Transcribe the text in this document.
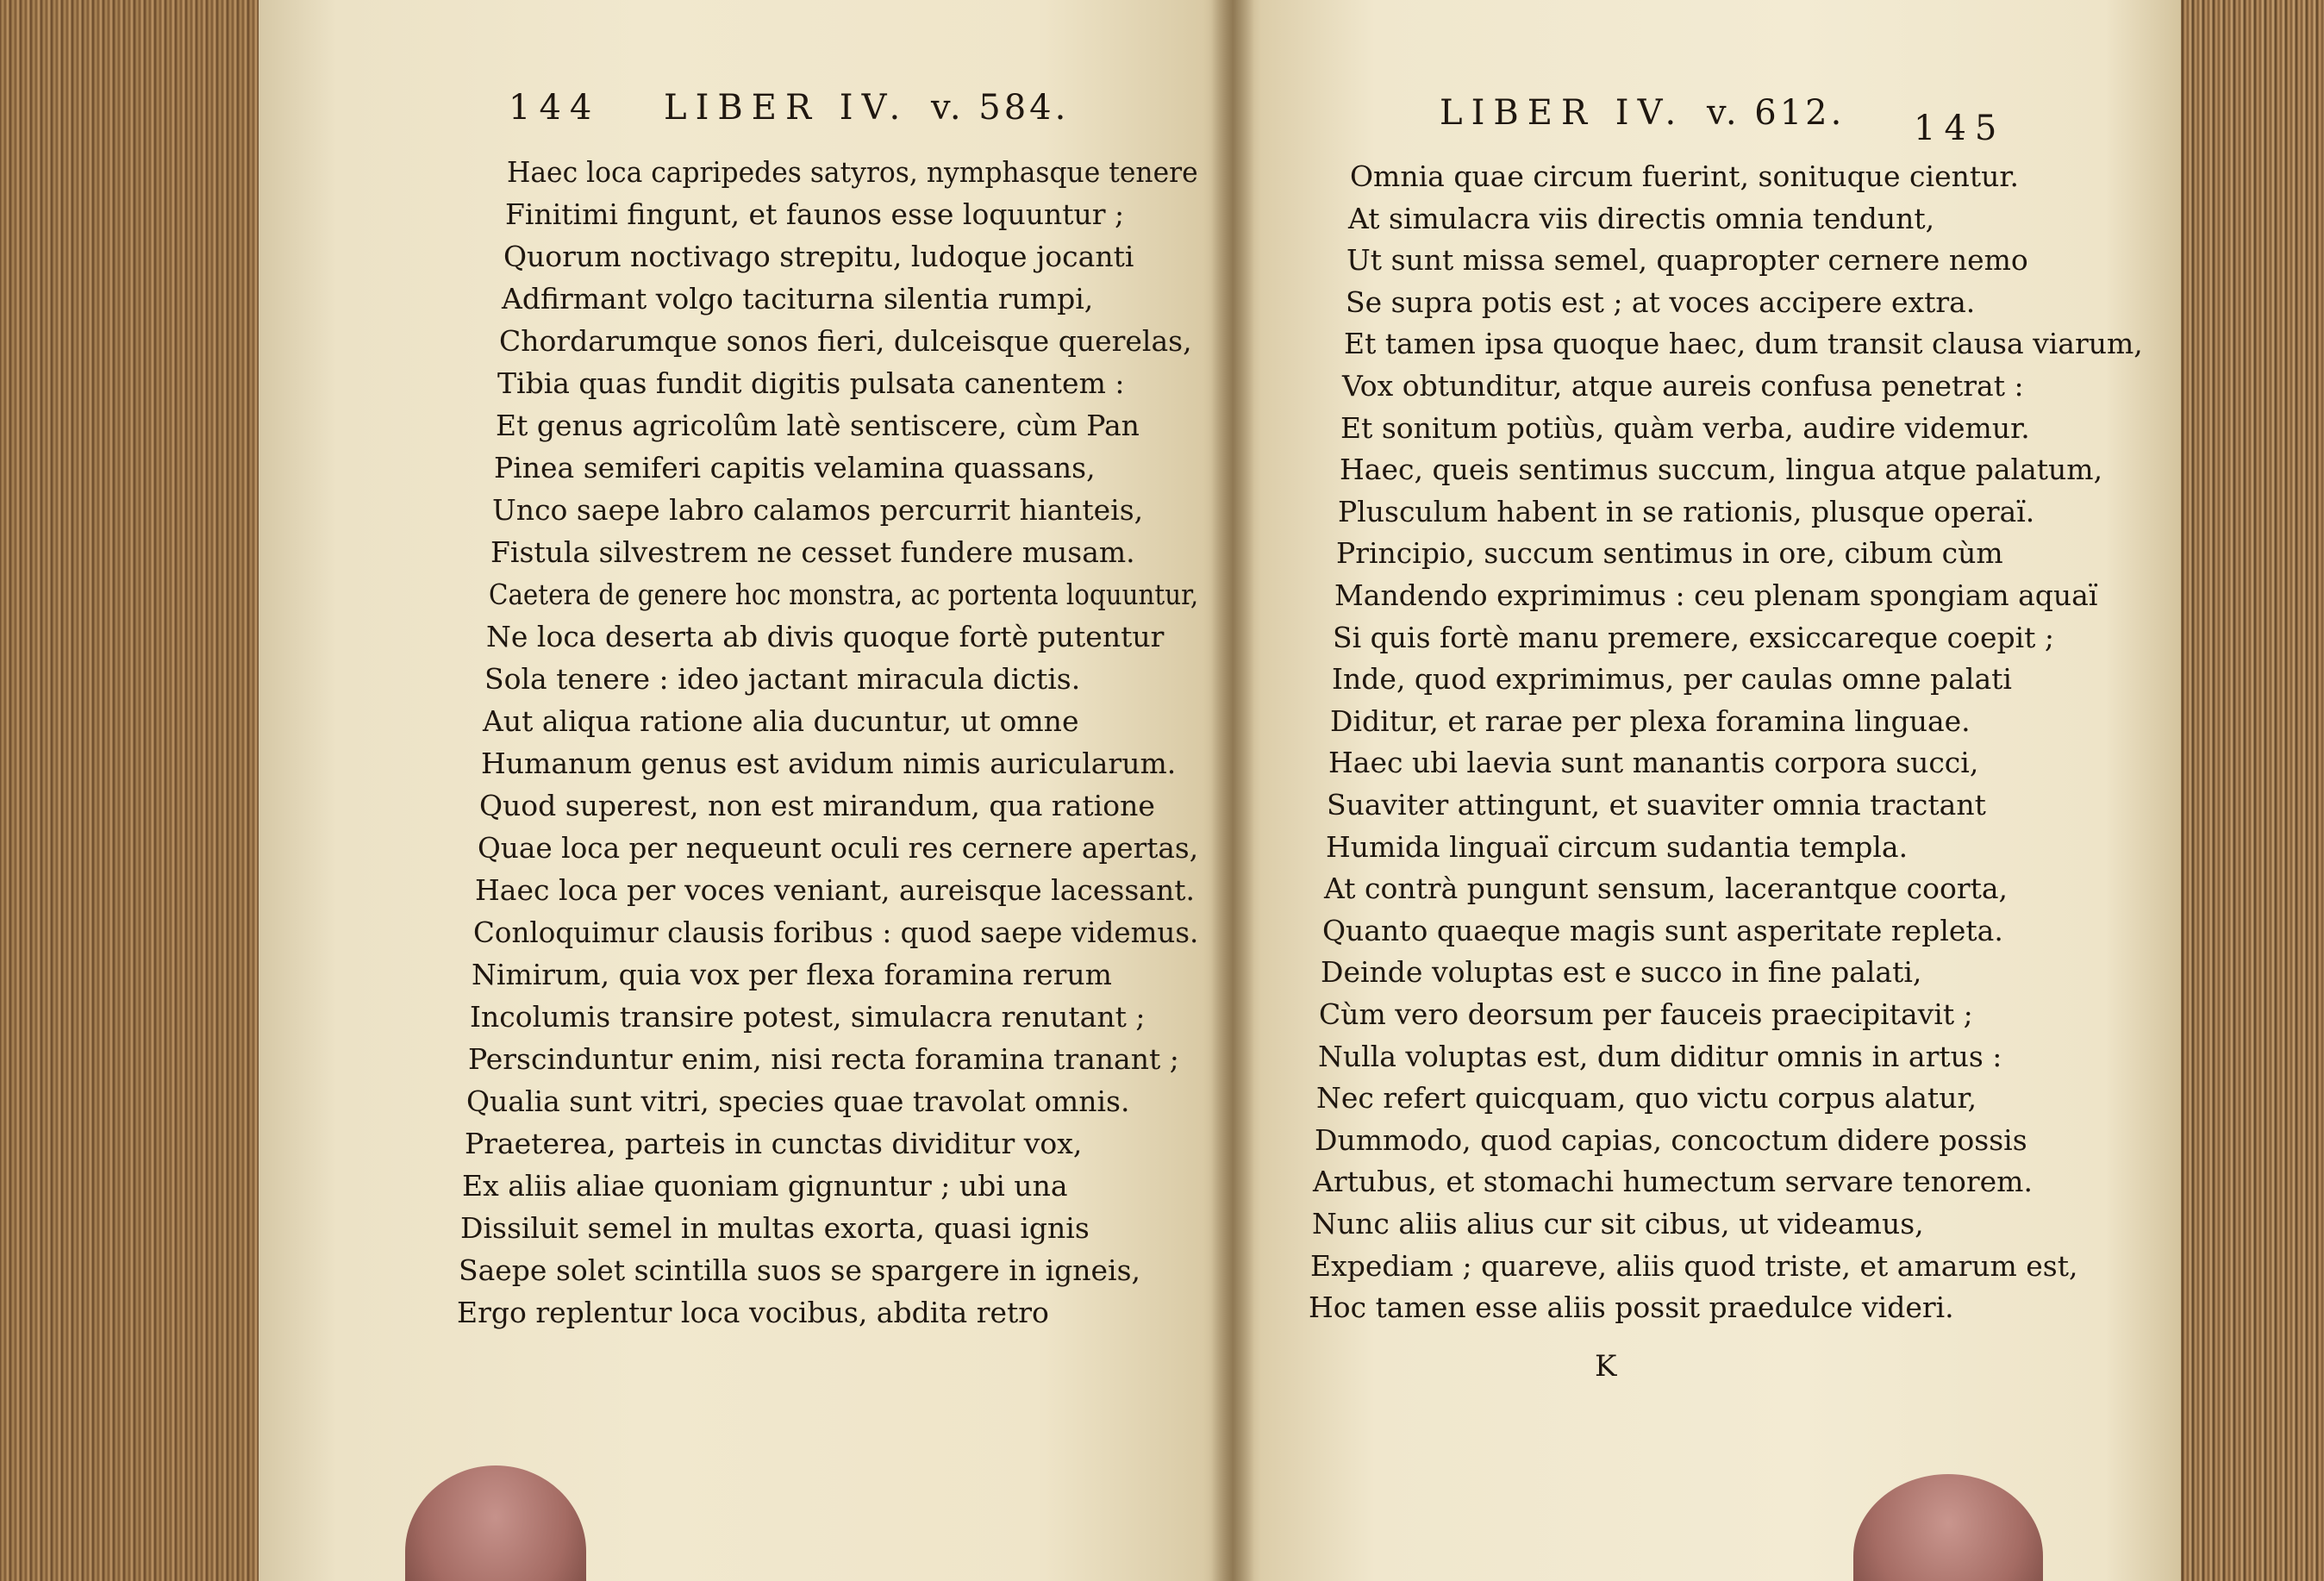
144 LIBER IV. v. 584.
Haec loca capripedes satyros, nymphasque tenere
Finitimi fingunt, et faunos esse loquuntur ;
Quorum noctivago strepitu, ludoque jocanti
Adfirmant volgo taciturna silentia rumpi,
Chordarumque sonos fieri, dulceisque querelas,
Tibia quas fundit digitis pulsata canentem :
Et genus agricolûm latè sentiscere, cùm Pan
Pinea semiferi capitis velamina quassans,
Unco saepe labro calamos percurrit hianteis,
Fistula silvestrem ne cesset fundere musam.
Caetera de genere hoc monstra, ac portenta loquuntur,
Ne loca deserta ab divis quoque fortè putentur
Sola tenere : ideo jactant miracula dictis.
Aut aliqua ratione alia ducuntur, ut omne
Humanum genus est avidum nimis auricularum.
Quod superest, non est mirandum, qua ratione
Quae loca per nequeunt oculi res cernere apertas,
Haec loca per voces veniant, aureisque lacessant.
Conloquimur clausis foribus : quod saepe videmus.
Nimirum, quia vox per flexa foramina rerum
Incolumis transire potest, simulacra renutant ;
Perscinduntur enim, nisi recta foramina tranant ;
Qualia sunt vitri, species quae travolat omnis.
Praeterea, parteis in cunctas dividitur vox,
Ex aliis aliae quoniam gignuntur ; ubi una
Dissiluit semel in multas exorta, quasi ignis
Saepe solet scintilla suos se spargere in igneis,
Ergo replentur loca vocibus, abdita retro
LIBER IV. v. 612. 145
Omnia quae circum fuerint, sonituque cientur.
At simulacra viis directis omnia tendunt,
Ut sunt missa semel, quapropter cernere nemo
Se supra potis est ; at voces accipere extra.
Et tamen ipsa quoque haec, dum transit clausa viarum,
Vox obtunditur, atque aureis confusa penetrat :
Et sonitum potiùs, quàm verba, audire videmur.
Haec, queis sentimus succum, lingua atque palatum,
Plusculum habent in se rationis, plusque operaï.
Principio, succum sentimus in ore, cibum cùm
Mandendo exprimimus : ceu plenam spongiam aquaï
Si quis fortè manu premere, exsiccareque coepit ;
Inde, quod exprimimus, per caulas omne palati
Diditur, et rarae per plexa foramina linguae.
Haec ubi laevia sunt manantis corpora succi,
Suaviter attingunt, et suaviter omnia tractant
Humida linguaï circum sudantia templa.
At contrà pungunt sensum, lacerantque coorta,
Quanto quaeque magis sunt asperitate repleta.
Deinde voluptas est e succo in fine palati,
Cùm vero deorsum per fauceis praecipitavit ;
Nulla voluptas est, dum diditur omnis in artus :
Nec refert quicquam, quo victu corpus alatur,
Dummodo, quod capias, concoctum didere possis
Artubus, et stomachi humectum servare tenorem.
Nunc aliis alius cur sit cibus, ut videamus,
Expediam ; quareve, aliis quod triste, et amarum est,
Hoc tamen esse aliis possit praedulce videri.
K
